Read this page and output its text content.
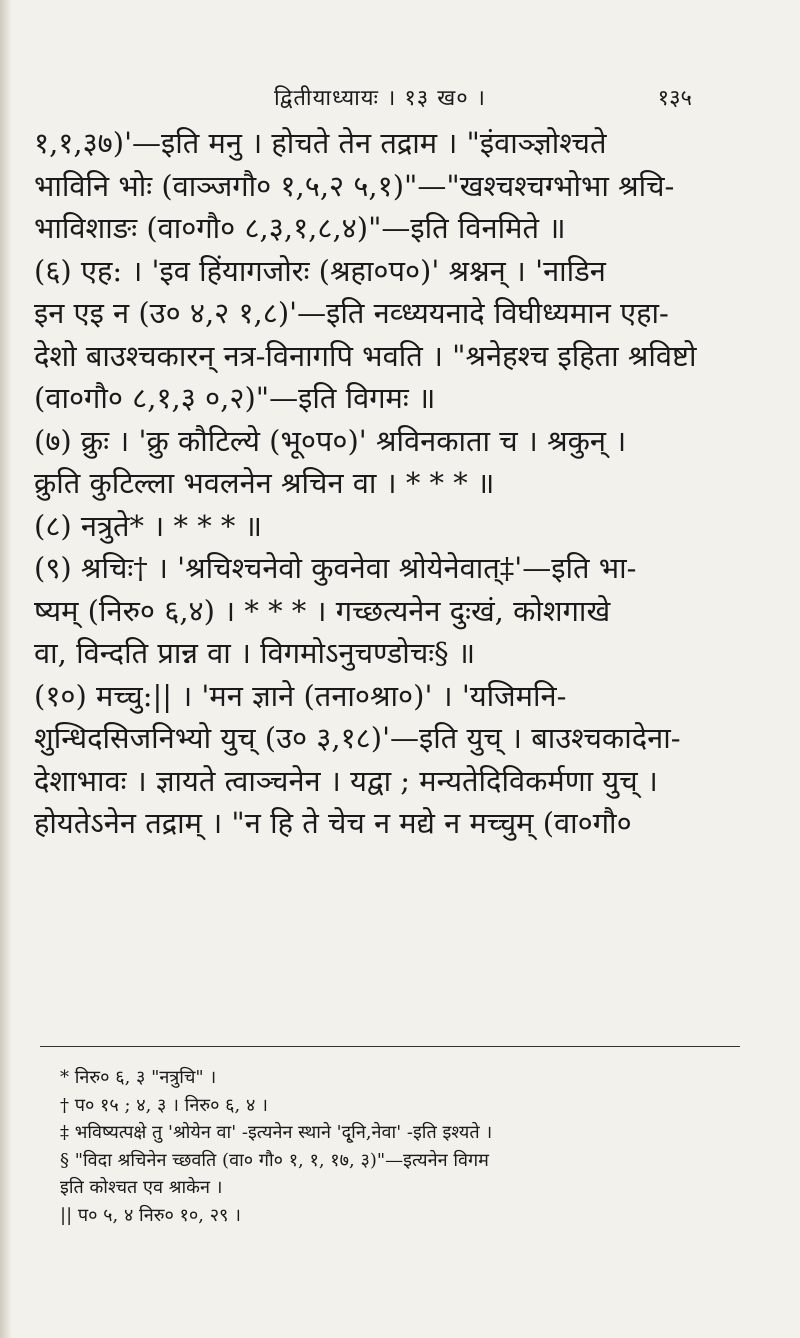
द्वितीयाध्यायः । १३ ख० ।	१३५

१,१,३७)'—इति मनु । होचते तेन तद्राम । "इंवाञ्ज्ञोश्चते

भाविनि भोः (वाञ्जगौ० १,५,२ ५,१)"—"खश्चश्चग्भोभा श्रचि-

भाविशाङः (वा०गौ० ८,३,१,८,४)"—इति विनमिते ॥

(६) एह: । 'इव हिंयागजोरः (श्रहा०प०)' श्रश्नन् । 'नाडिन

इन एइ न (उ० ४,२ १,८)'—इति नव्ध्ययनादे विघीध्यमान एहा-

देशो बाउश्चकारन् नत्र-विनागपि भवति । "श्रनेहश्च इहिता श्रविष्टो

(वा०गौ० ८,१,३ ०,२)"—इति विगमः ॥

(७) क्रुः । 'क्रु कौटिल्ये (भू०प०)' श्रविनकाता च । श्रकुन् ।

क्रुति कुटिल्ला भवलनेन श्रचिन वा । * * * ॥

(८) नत्रुते* । * * * ॥

(९) श्रचिः† । 'श्रचिश्चनेवो कुवनेवा श्रोयेनेवात्‡'—इति भा-

ष्यम् (निरु० ६,४) । * * * । गच्छत्यनेन दुःखं, कोशगाखे

वा, विन्दति प्रान्न वा । विगमोऽनुचण्डोचः§ ॥

(१०) मच्चु:|| । 'मन ज्ञाने (तना०श्रा०)' । 'यजिमनि-

शुन्धिदसिजनिभ्यो युच् (उ० ३,१८)'—इति युच् । बाउश्चकादेना-

देशाभावः । ज्ञायते त्वाञ्चनेन । यद्वा ; मन्यतेदिविकर्मणा युच् ।

होयतेऽनेन तद्राम् । "न हि ते चेच न मद्ये न मच्चुम् (वा०गौ०

* निरु० ६, ३ "नत्रुचि" ।
† प० १५ ; ४, ३ । निरु० ६, ४ ।
‡ भविष्यत्पक्षे तु 'श्रोयेन वा' -इत्यनेन स्थाने 'दृ्नि,नेवा' -इति इश्यते ।
§ "विदा श्रचिनेन च्छवति (वा० गौ० १, १, १७, ३)"—इत्यनेन विगम
इति कोश्चत एव श्राकेन ।
|| प० ५, ४ निरु० १०, २९ ।
